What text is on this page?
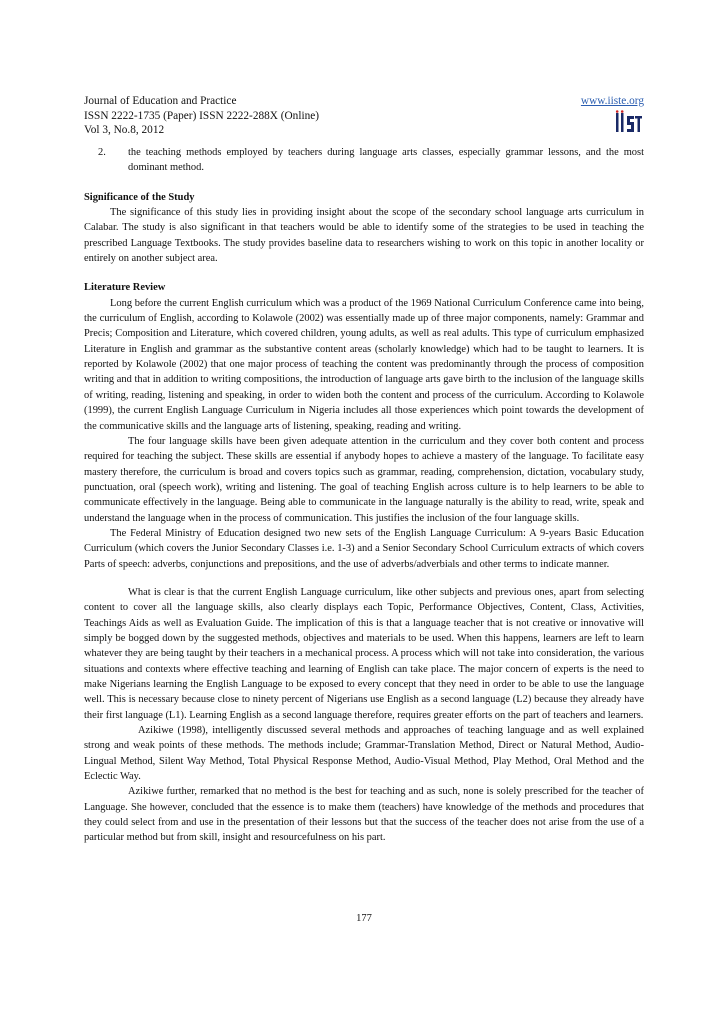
Journal of Education and Practice
ISSN 2222-1735 (Paper) ISSN 2222-288X (Online)
Vol 3, No.8, 2012
www.iiste.org
2.	the teaching methods employed by teachers during language arts classes, especially grammar lessons, and the most dominant method.
Significance of the Study

The significance of this study lies in providing insight about the scope of the secondary school language arts curriculum in Calabar. The study is also significant in that teachers would be able to identify some of the strategies to be used in teaching the prescribed Language Textbooks. The study provides baseline data to researchers wishing to work on this topic in another locality or entirely on another subject area.

Literature Review

Long before the current English curriculum which was a product of the 1969 National Curriculum Conference came into being, the curriculum of English, according to Kolawole (2002) was essentially made up of three major components, namely: Grammar and Precis; Composition and Literature, which covered children, young adults, as well as real adults. This type of curriculum emphasized Literature in English and grammar as the substantive content areas (scholarly knowledge) which had to be taught to learners. It is reported by Kolawole (2002) that one major process of teaching the content was predominantly through the process of composition writing and that in addition to writing compositions, the introduction of language arts gave birth to the inclusion of the language skills of writing, reading, listening and speaking, in order to widen both the content and process of the curriculum. According to Kolawole (1999), the current English Language Curriculum in Nigeria includes all those experiences which point towards the development of the communicative skills and the language arts of listening, speaking, reading and writing.

The four language skills have been given adequate attention in the curriculum and they cover both content and process required for teaching the subject. These skills are essential if anybody hopes to achieve a mastery of the language. To facilitate easy mastery therefore, the curriculum is broad and covers topics such as grammar, reading, comprehension, dictation, vocabulary study, punctuation, oral (speech work), writing and listening. The goal of teaching English across culture is to help learners to be able to communicate effectively in the language. Being able to communicate in the language naturally is the ability to read, write, speak and understand the language when in the process of communication. This justifies the inclusion of the four language skills.

The Federal Ministry of Education designed two new sets of the English Language Curriculum: A 9-years Basic Education Curriculum (which covers the Junior Secondary Classes i.e. 1-3) and a Senior Secondary School Curriculum extracts of which covers Parts of speech: adverbs, conjunctions and prepositions, and the use of adverbs/adverbials and other terms to indicate manner.

What is clear is that the current English Language curriculum, like other subjects and previous ones, apart from selecting content to cover all the language skills, also clearly displays each Topic, Performance Objectives, Content, Class, Activities, Teachings Aids as well as Evaluation Guide. The implication of this is that a language teacher that is not creative or innovative will simply be bogged down by the suggested methods, objectives and materials to be used. When this happens, learners are left to learn whatever they are being taught by their teachers in a mechanical process. A process which will not take into consideration, the various situations and contexts where effective teaching and learning of English can take place. The major concern of experts is the need to make Nigerians learning the English Language to be exposed to every concept that they need in order to be able to use the language well. This is necessary because close to ninety percent of Nigerians use English as a second language (L2) because they already have their first language (L1). Learning English as a second language therefore, requires greater efforts on the part of teachers and learners.

Azikiwe (1998), intelligently discussed several methods and approaches of teaching language and as well explained strong and weak points of these methods. The methods include; Grammar-Translation Method, Direct or Natural Method, Audio-Lingual Method, Silent Way Method, Total Physical Response Method, Audio-Visual Method, Play Method, Oral Method and the Eclectic Way.

Azikiwe further, remarked that no method is the best for teaching and as such, none is solely prescribed for the teacher of Language. She however, concluded that the essence is to make them (teachers) have knowledge of the methods and procedures that they could select from and use in the presentation of their lessons but that the success of the teacher does not arise from the use of a particular method but from skill, insight and resourcefulness on his part.

177
